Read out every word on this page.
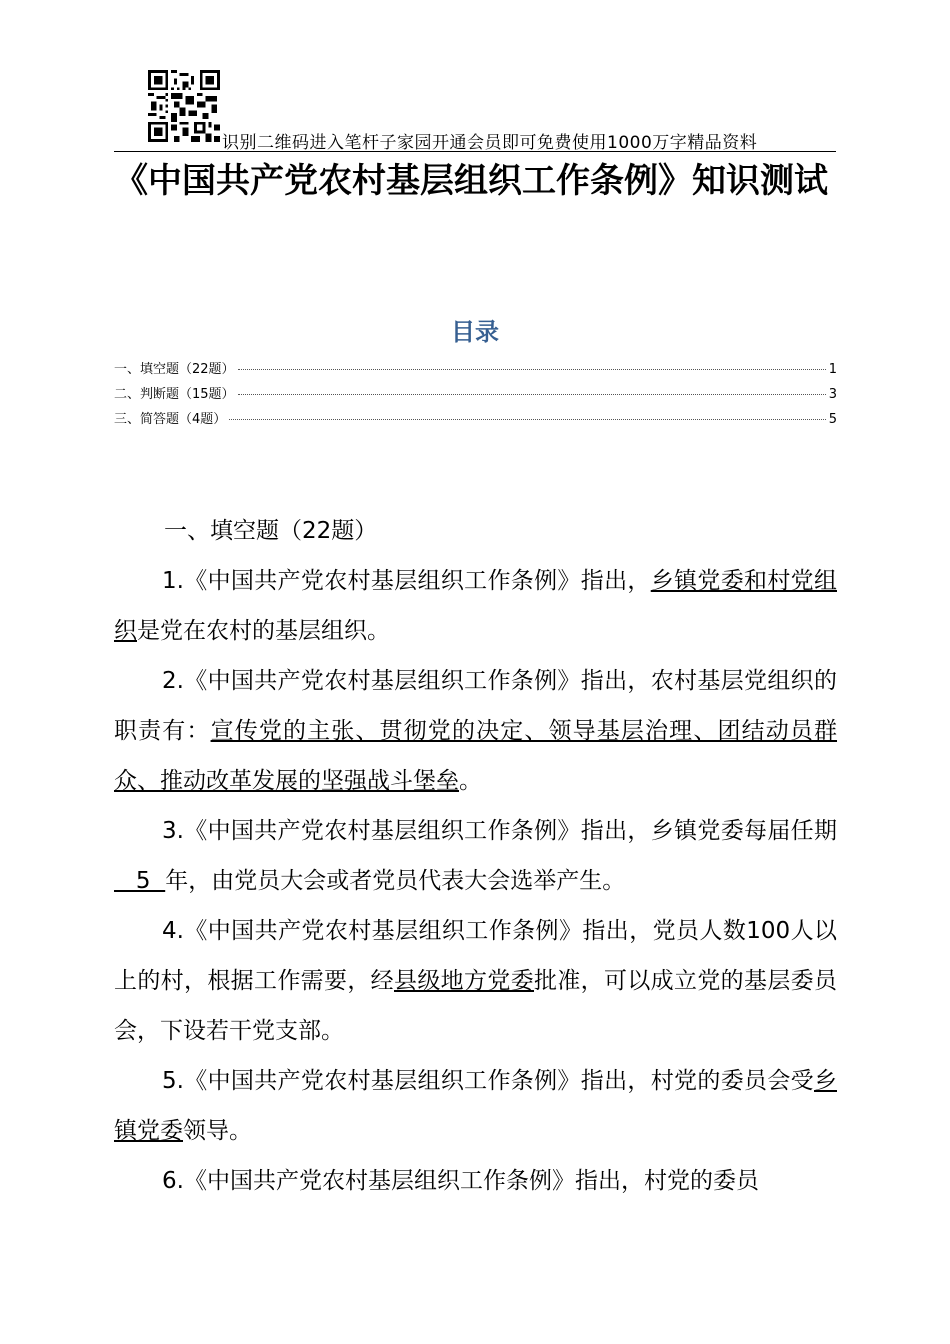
识别二维码进入笔杆子家园开通会员即可免费使用1000万字精品资料
《中国共产党农村基层组织工作条例》知识测试
目录
一、填空题（22题）	1
二、判断题（15题）	3
三、简答题（4题）	5
一、填空题（22题）

1.《中国共产党农村基层组织工作条例》指出，乡镇党委和村党组织是党在农村的基层组织。

2.《中国共产党农村基层组织工作条例》指出，农村基层党组织的职责有：宣传党的主张、贯彻党的决定、领导基层治理、团结动员群众、推动改革发展的坚强战斗堡垒。

3.《中国共产党农村基层组织工作条例》指出，乡镇党委每届任期   5  年，由党员大会或者党员代表大会选举产生。

4.《中国共产党农村基层组织工作条例》指出，党员人数100人以上的村，根据工作需要，经县级地方党委批准，可以成立党的基层委员会，下设若干党支部。

5.《中国共产党农村基层组织工作条例》指出，村党的委员会受乡镇党委领导。

6.《中国共产党农村基层组织工作条例》指出，村党的委员
